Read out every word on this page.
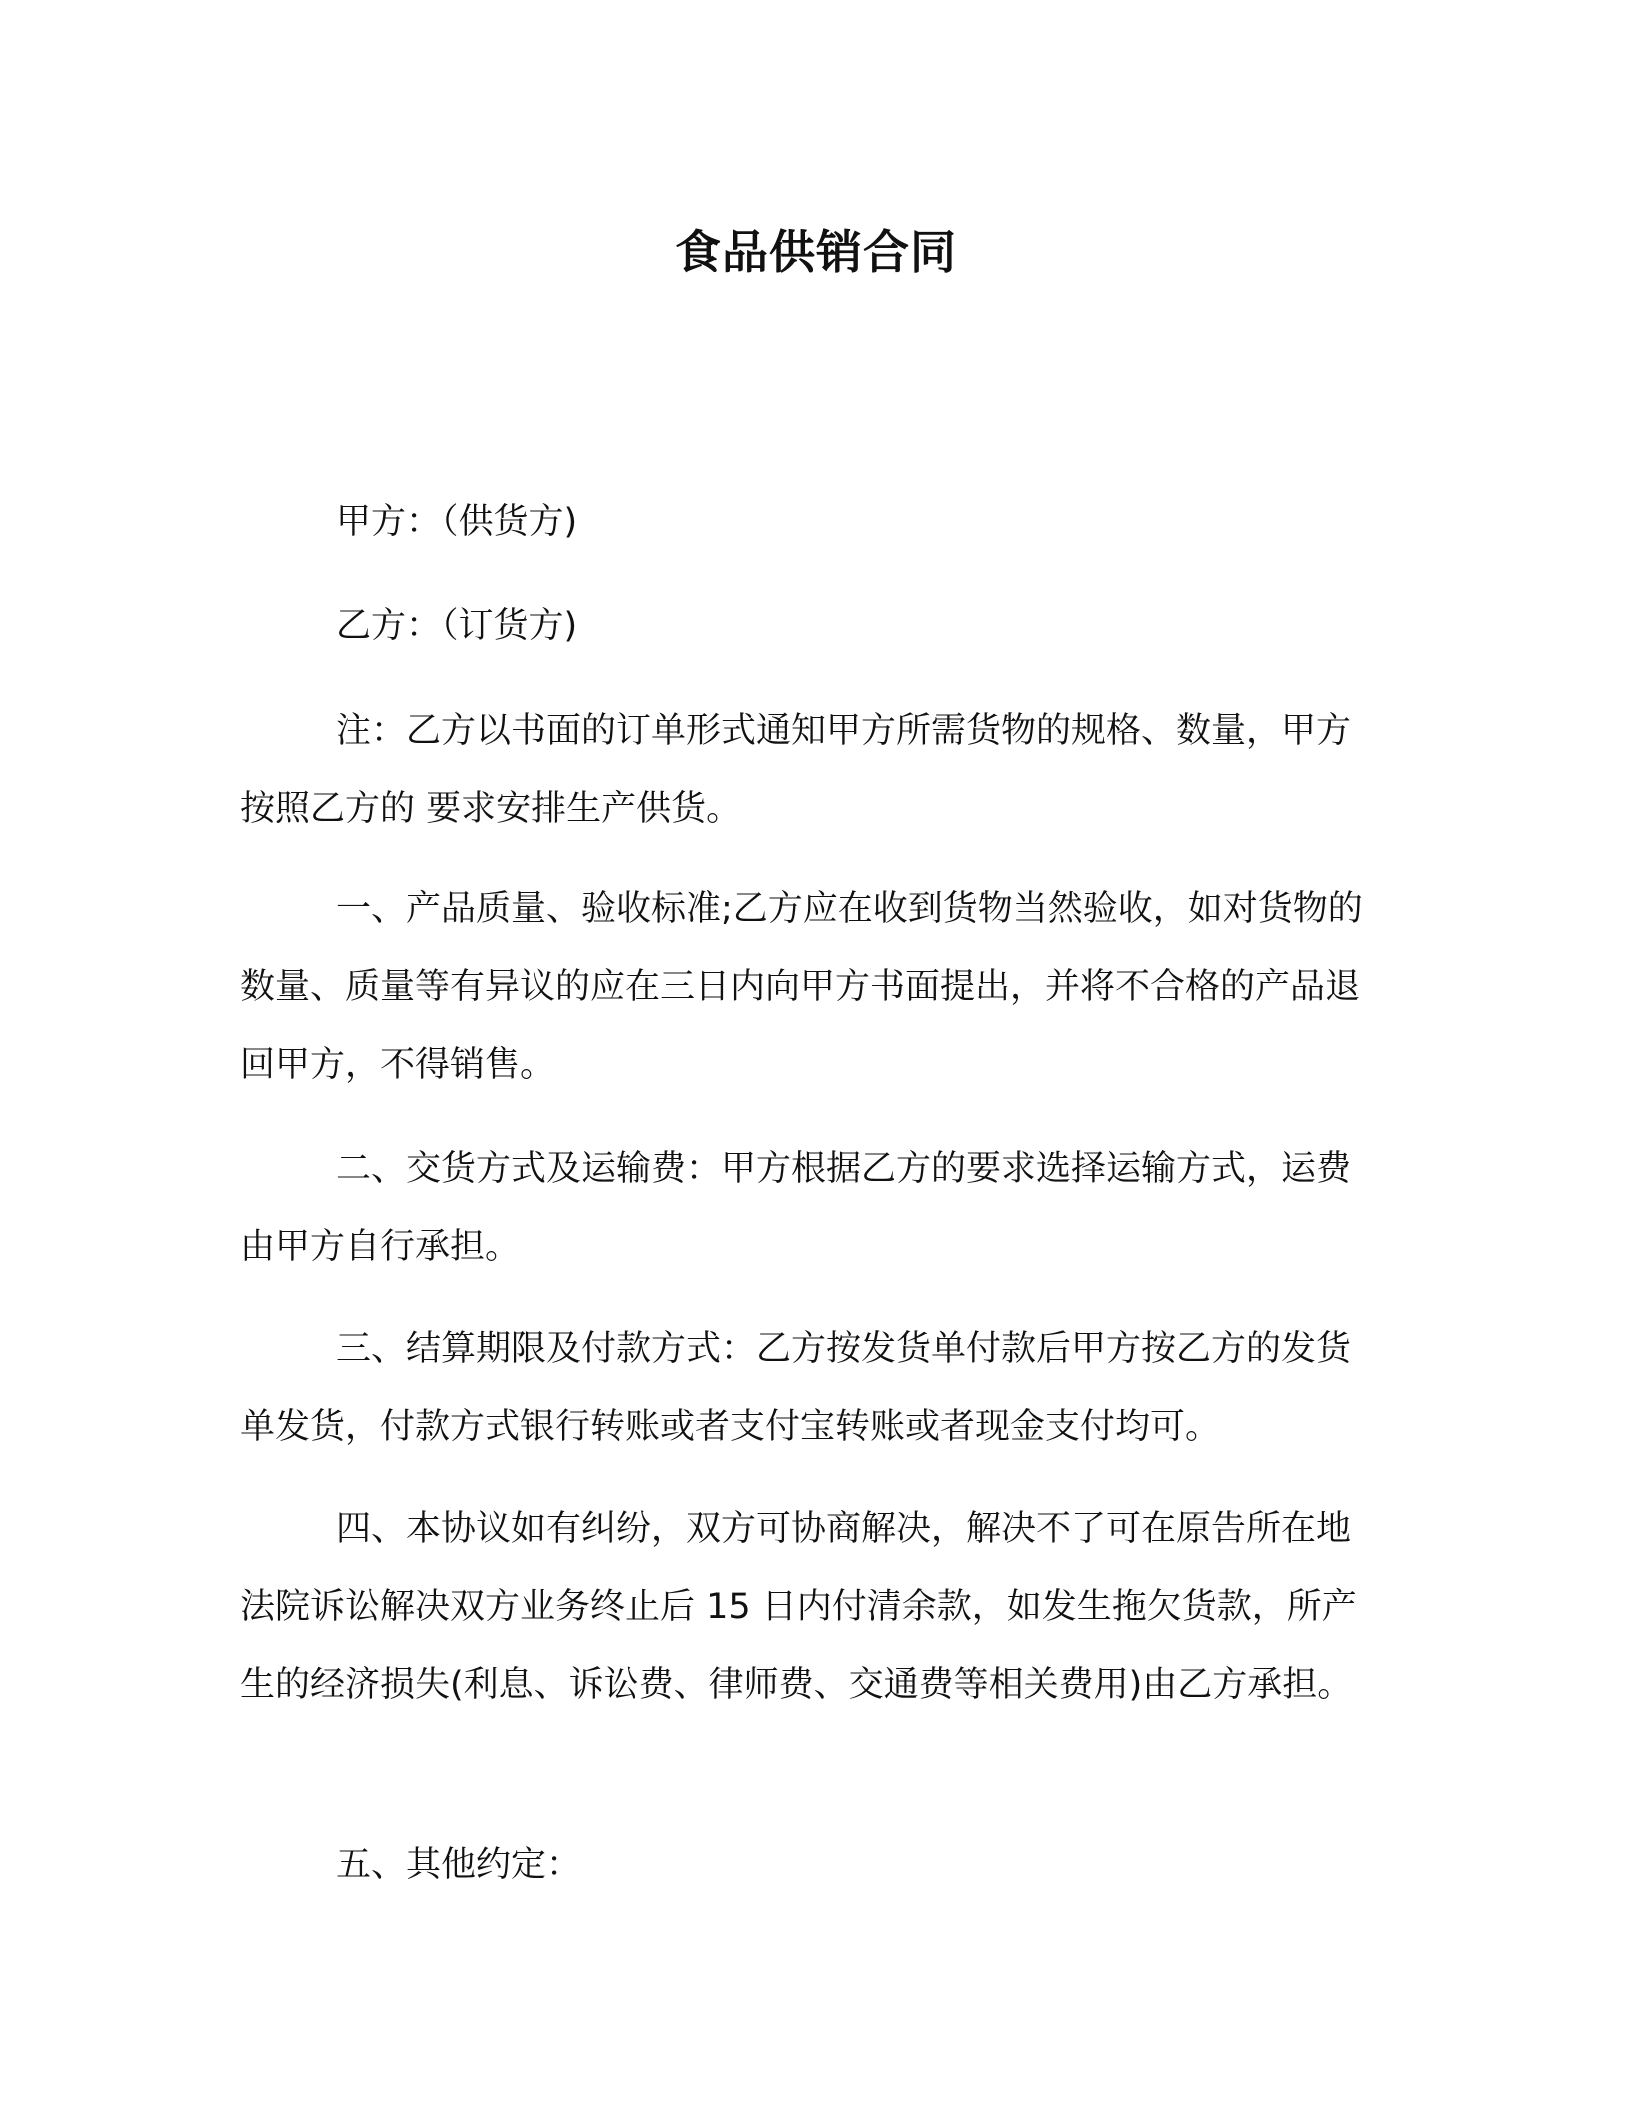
食品供销合同

甲方：（供货方)

乙方：（订货方)

注：乙方以书面的订单形式通知甲方所需货物的规格、数量，甲方按照乙方的 要求安排生产供货。

一、产品质量、验收标准;乙方应在收到货物当然验收，如对货物的数量、质量等有异议的应在三日内向甲方书面提出，并将不合格的产品退回甲方，不得销售。

二、交货方式及运输费：甲方根据乙方的要求选择运输方式，运费由甲方自行承担。

三、结算期限及付款方式：乙方按发货单付款后甲方按乙方的发货单发货，付款方式银行转账或者支付宝转账或者现金支付均可。

四、本协议如有纠纷，双方可协商解决，解决不了可在原告所在地法院诉讼解决双方业务终止后 15 日内付清余款，如发生拖欠货款，所产生的经济损失(利息、诉讼费、律师费、交通费等相关费用)由乙方承担。

五、其他约定：
